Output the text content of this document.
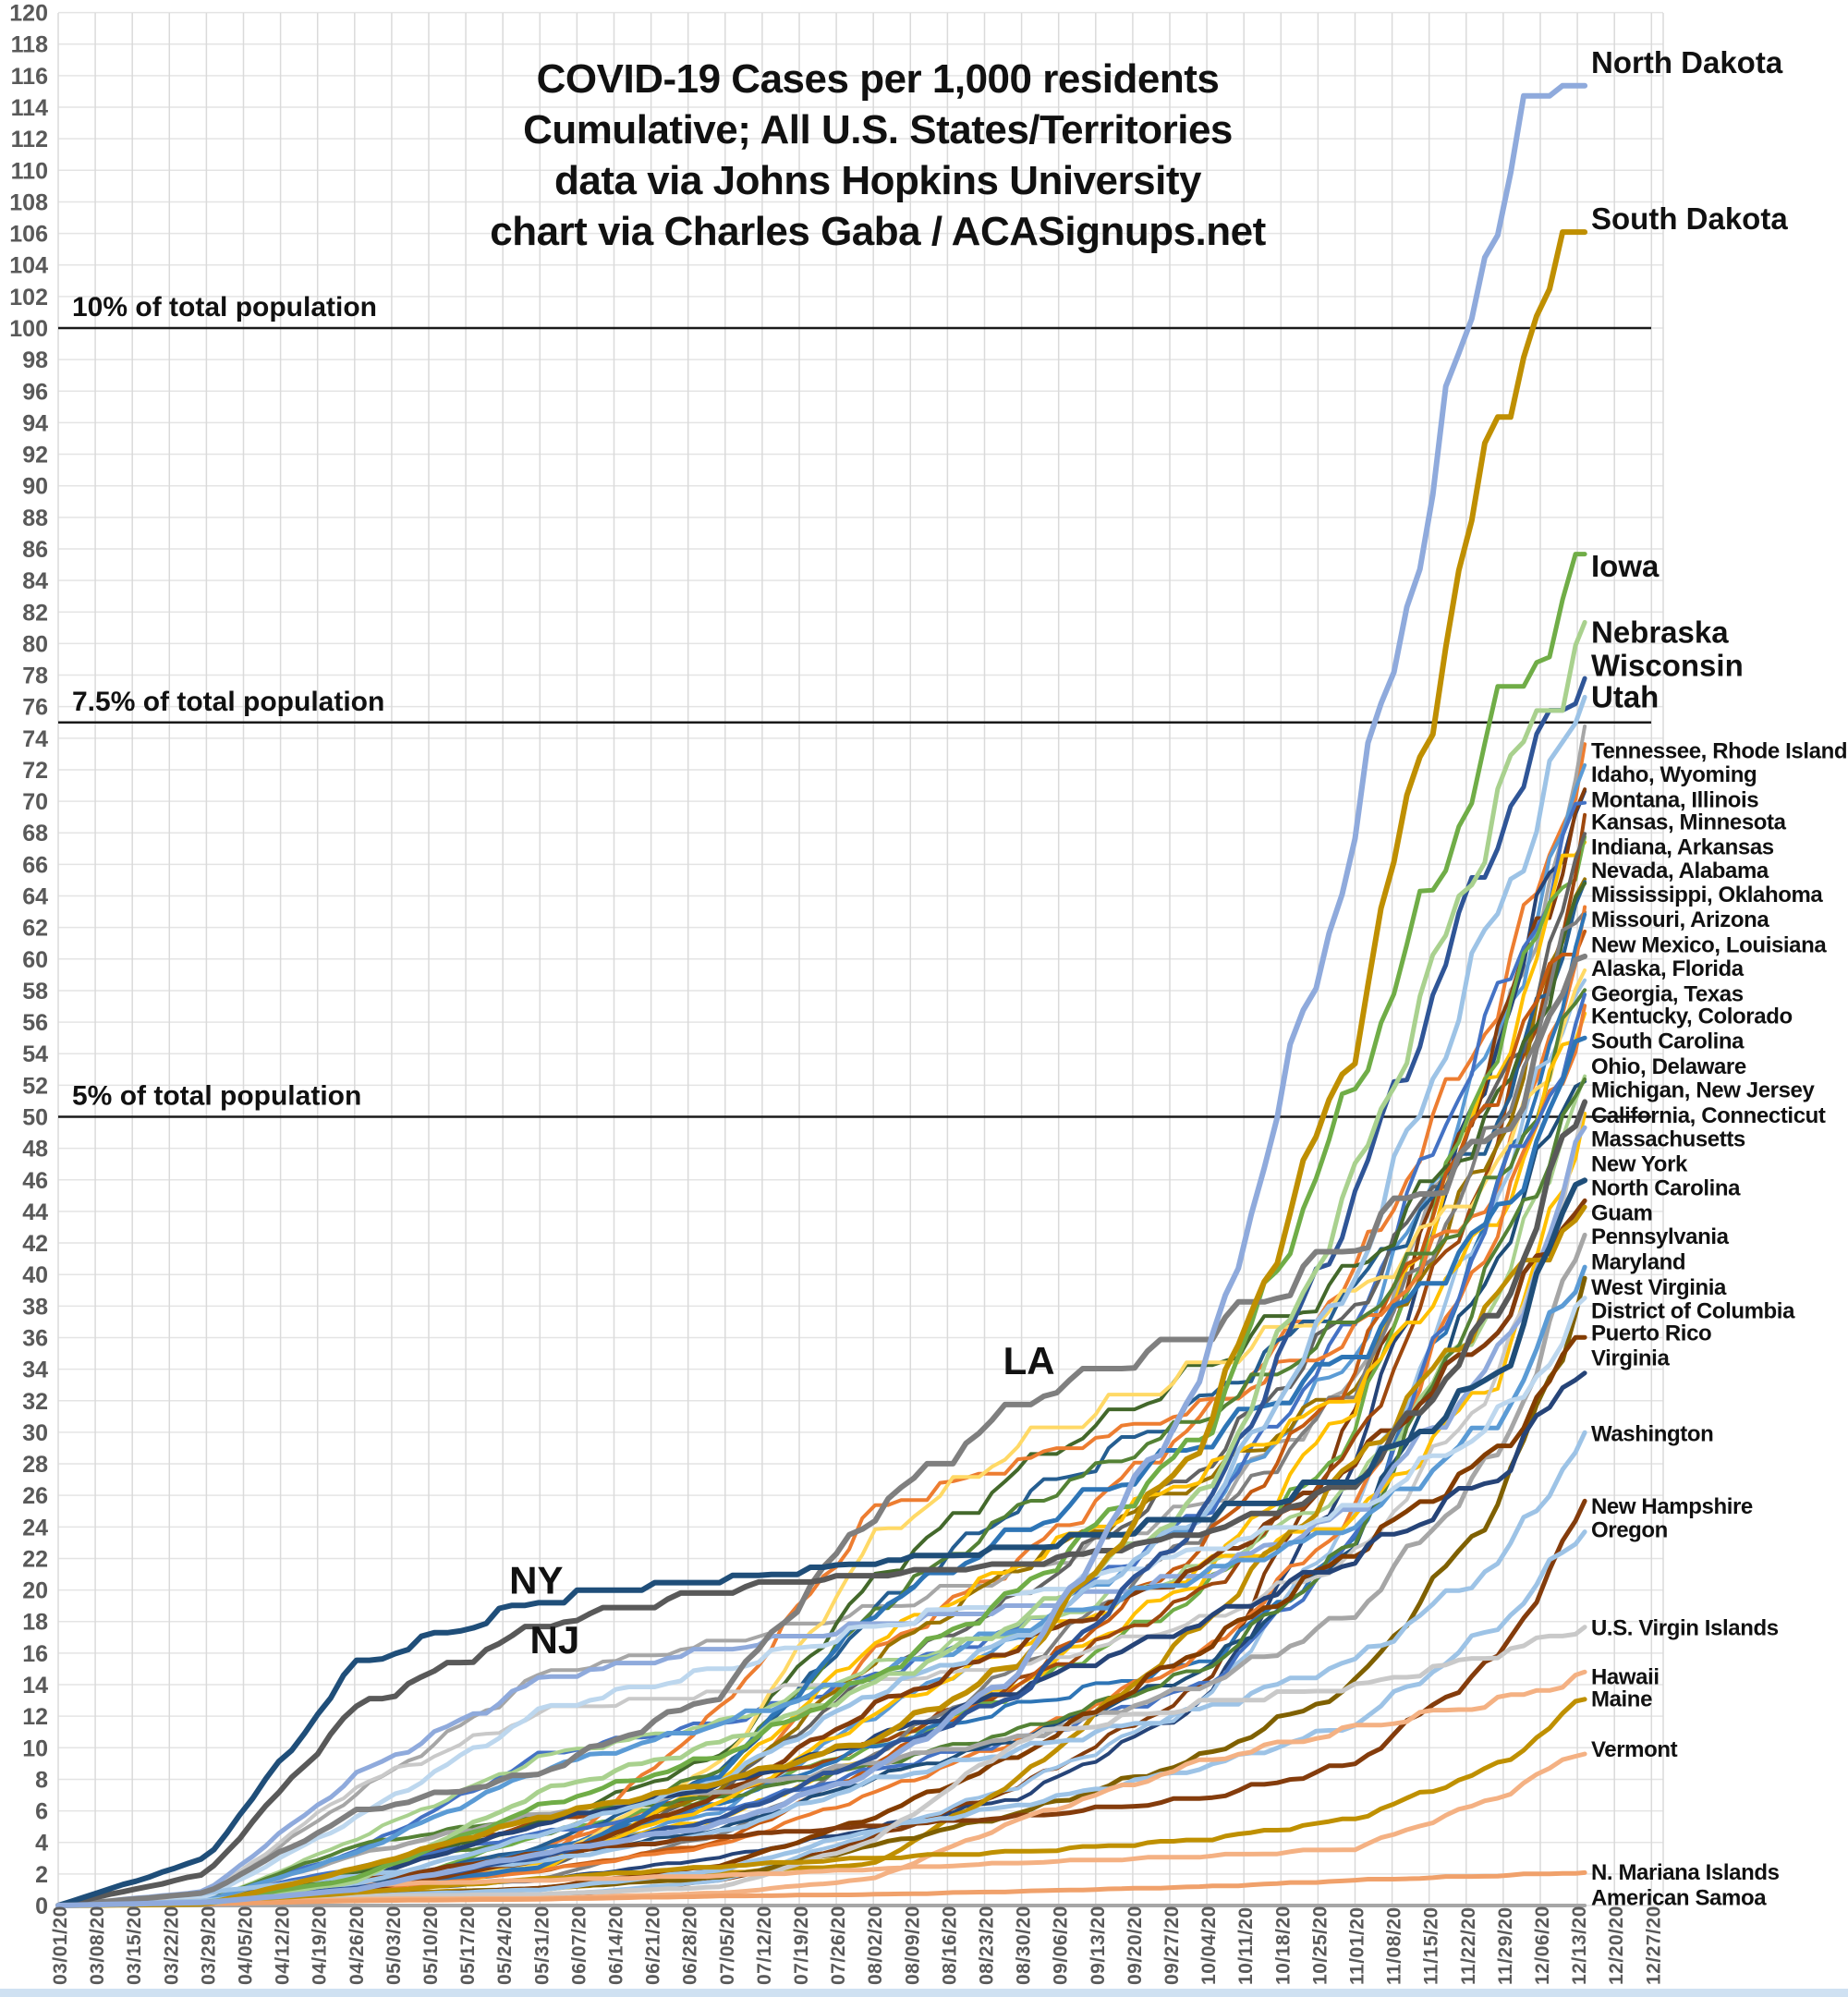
Tennessee, Rhode Island
Idaho, Wyoming
Montana, Illinois
Kansas, Minnesota
Indiana, Arkansas
Nevada, Alabama
Mississippi, Oklahoma
Missouri, Arizona
New Mexico, Louisiana
Alaska, Florida
Georgia, Texas
Kentucky, Colorado
South Carolina
Ohio, Delaware
Michigan, New Jersey
California, Connecticut
Massachusetts
New York
North Carolina
Guam
Pennsylvania
Maryland
West Virginia
District of Columbia
Puerto Rico
Virginia
Washington
New Hampshire
Oregon
U.S. Virgin Islands
Hawaii
Maine
Vermont
N. Mariana Islands
American Samoa
Utah
Wisconsin
Nebraska
Iowa
South Dakota
North Dakota
10% of total population
7.5% of total population
5% of total population
NY
NJ
LA
0
2
4
6
8
10
12
14
16
18
20
22
24
26
28
30
32
34
36
38
40
42
44
46
48
50
52
54
56
58
60
62
64
66
68
70
72
74
76
78
80
82
84
86
88
90
92
94
96
98
100
102
104
106
108
110
112
114
116
118
120
03/01/20 03/08/20 03/15/20 03/22/20 03/29/20 04/05/20 04/12/20 04/19/20 04/26/20 05/03/20 05/10/20 05/17/20 05/24/20 05/31/20 06/07/20 06/14/20 06/21/20 06/28/20 07/05/20 07/12/20 07/19/20 07/26/20 08/02/20 08/09/20 08/16/20 08/23/20 08/30/20 09/06/20 09/13/20 09/20/20 09/27/20 10/04/20 10/11/20 10/18/20 10/25/20 11/01/20 11/08/20 11/15/20 11/22/20 11/29/20 12/06/20 12/13/20 12/20/20 12/27/20
COVID-19 Cases per 1,000 residents
Cumulative; All U.S. States/Territories
data via Johns Hopkins University
chart via Charles Gaba / ACASignups.net
